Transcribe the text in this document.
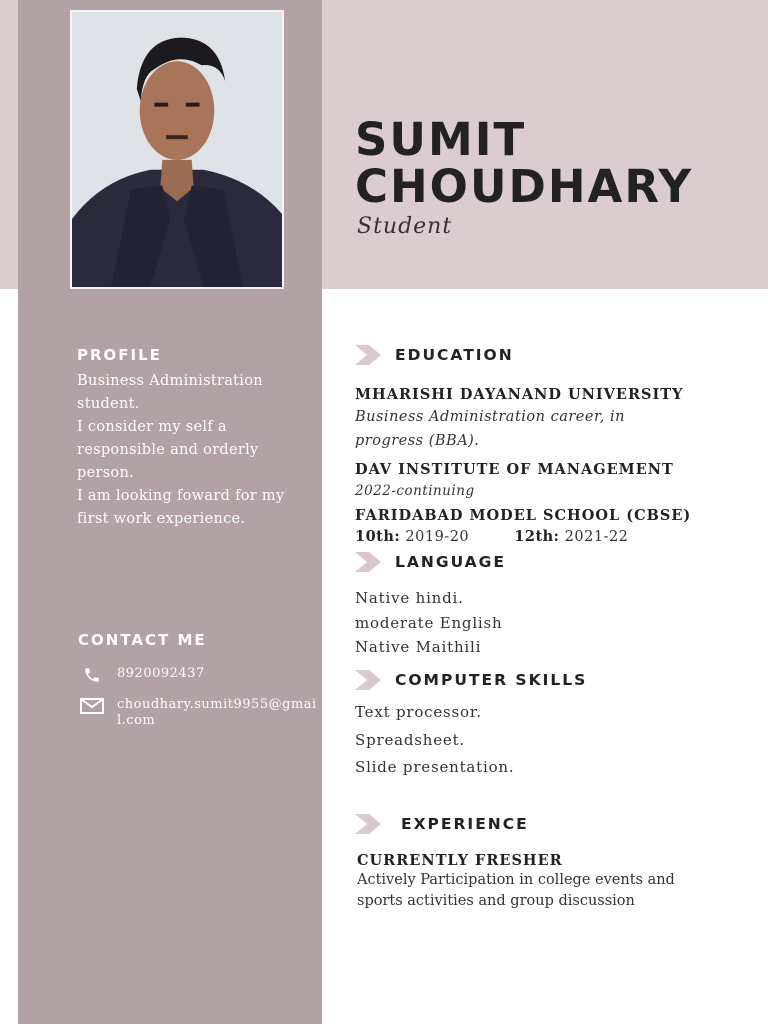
SUMIT
CHOUDHARY
Student
PROFILE
Business Administration student.
I consider my self a responsible and orderly person.
I am looking foward for my first work experience.
CONTACT ME
8920092437
choudhary.sumit9955@gmail.com
EDUCATION
MHARISHI DAYANAND UNIVERSITY
Business Administration career, in progress (BBA).
DAV INSTITUTE OF MANAGEMENT
2022-continuing
FARIDABAD MODEL SCHOOL (CBSE)
10th: 2019-20	12th: 2021-22
LANGUAGE
Native hindi.
moderate English
Native Maithili
COMPUTER SKILLS
Text processor.
Spreadsheet.
Slide presentation.
EXPERIENCE
CURRENTLY FRESHER
Actively Participation in college events and sports activities and group discussion
